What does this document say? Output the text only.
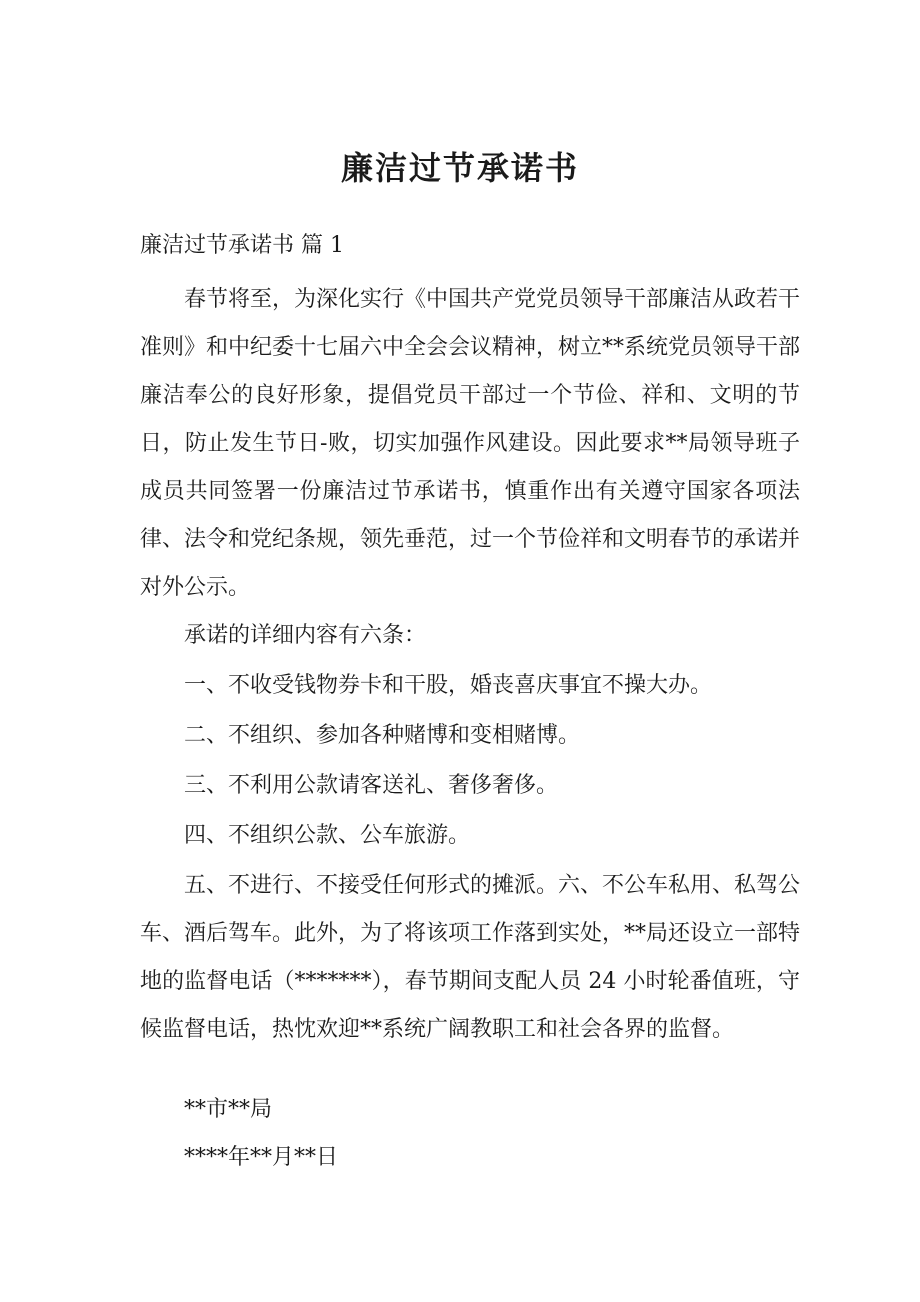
廉洁过节承诺书

廉洁过节承诺书 篇 1

春节将至，为深化实行《中国共产党党员领导干部廉洁从政若干准则》和中纪委十七届六中全会会议精神，树立**系统党员领导干部廉洁奉公的良好形象，提倡党员干部过一个节俭、祥和、文明的节日，防止发生节日-败，切实加强作风建设。因此要求**局领导班子成员共同签署一份廉洁过节承诺书，慎重作出有关遵守国家各项法律、法令和党纪条规，领先垂范，过一个节俭祥和文明春节的承诺并对外公示。

承诺的详细内容有六条：

一、不收受钱物券卡和干股，婚丧喜庆事宜不操大办。

二、不组织、参加各种赌博和变相赌博。

三、不利用公款请客送礼、奢侈奢侈。

四、不组织公款、公车旅游。

五、不进行、不接受任何形式的摊派。六、不公车私用、私驾公车、酒后驾车。此外，为了将该项工作落到实处，**局还设立一部特地的监督电话（*******），春节期间支配人员 24 小时轮番值班，守候监督电话，热忱欢迎**系统广阔教职工和社会各界的监督。

**市**局

****年**月**日
